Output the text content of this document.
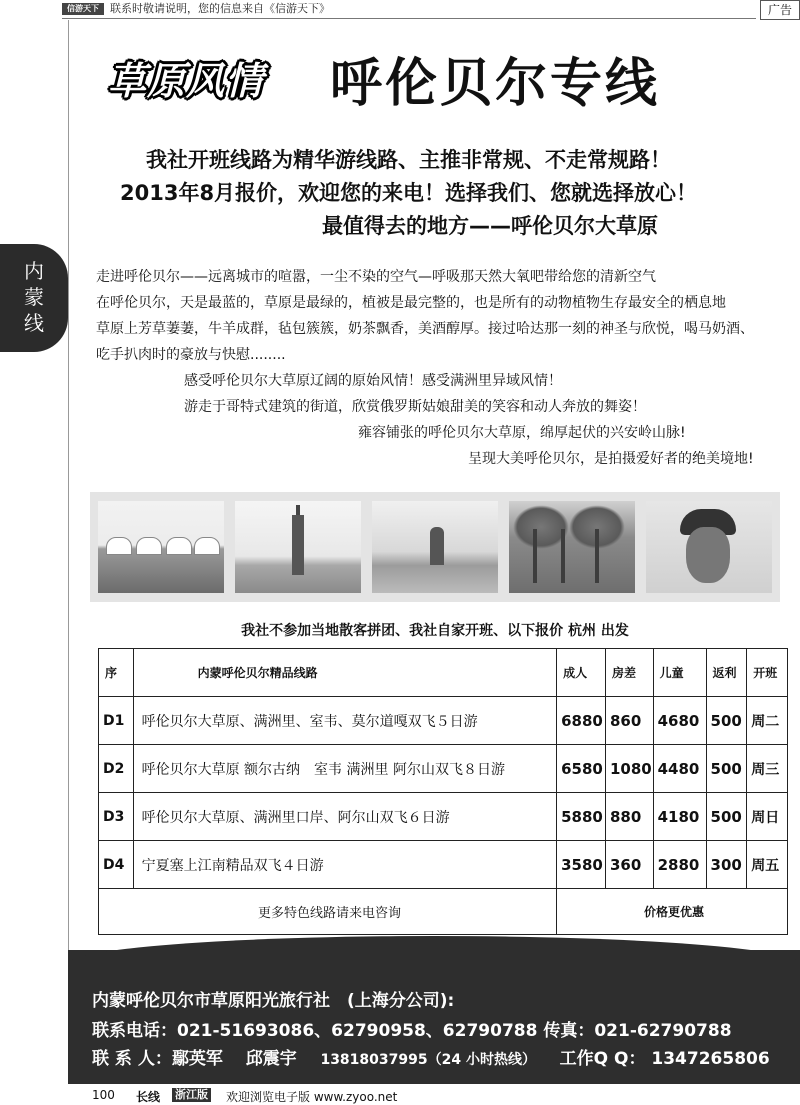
信游天下	联系时敬请说明，您的信息来自《信游天下》	广告
内
蒙
线
草原风情 呼伦贝尔专线
我社开班线路为精华游线路、主推非常规、不走常规路！
2013年8月报价，欢迎您的来电！选择我们、您就选择放心！
最值得去的地方——呼伦贝尔大草原

走进呼伦贝尔——远离城市的喧嚣，一尘不染的空气—呼吸那天然大氧吧带给您的清新空气

在呼伦贝尔，天是最蓝的，草原是最绿的，植被是最完整的，也是所有的动物植物生存最安全的栖息地

草原上芳草萋萋，牛羊成群，毡包簇簇，奶茶飘香，美酒醇厚。接过哈达那一刻的神圣与欣悦，喝马奶酒、

吃手扒肉时的豪放与快慰........

感受呼伦贝尔大草原辽阔的原始风情！感受满洲里异域风情！

游走于哥特式建筑的街道，欣赏俄罗斯姑娘甜美的笑容和动人奔放的舞姿！

雍容铺张的呼伦贝尔大草原，绵厚起伏的兴安岭山脉!

呈现大美呼伦贝尔，是拍摄爱好者的绝美境地!

我社不参加当地散客拼团、我社自家开班、以下报价 杭州 出发
序	内蒙呼伦贝尔精品线路	成人	房差	儿童	返利	开班
D1	呼伦贝尔大草原、满洲里、室韦、莫尔道嘎双飞５日游	6880	860	4680	500	周二
D2	呼伦贝尔大草原 额尔古纳　室韦 满洲里 阿尔山双飞８日游	6580	1080	4480	500	周三
D3	呼伦贝尔大草原、满洲里口岸、阿尔山双飞６日游	5880	880	4180	500	周日
D4	宁夏塞上江南精品双飞４日游	3580	360	2880	300	周五
更多特色线路请来电咨询		价格更优惠				
内蒙呼伦贝尔市草原阳光旅行社　(上海分公司):
联系电话：021-51693086、62790958、62790788 传真：021-62790788
联 系 人：鄢英军　 邱震宇 13818037995（24 小时热线） 工作Q Q： 1347265806
100 长线 浙江版 欢迎浏览电子版 www.zyoo.net
